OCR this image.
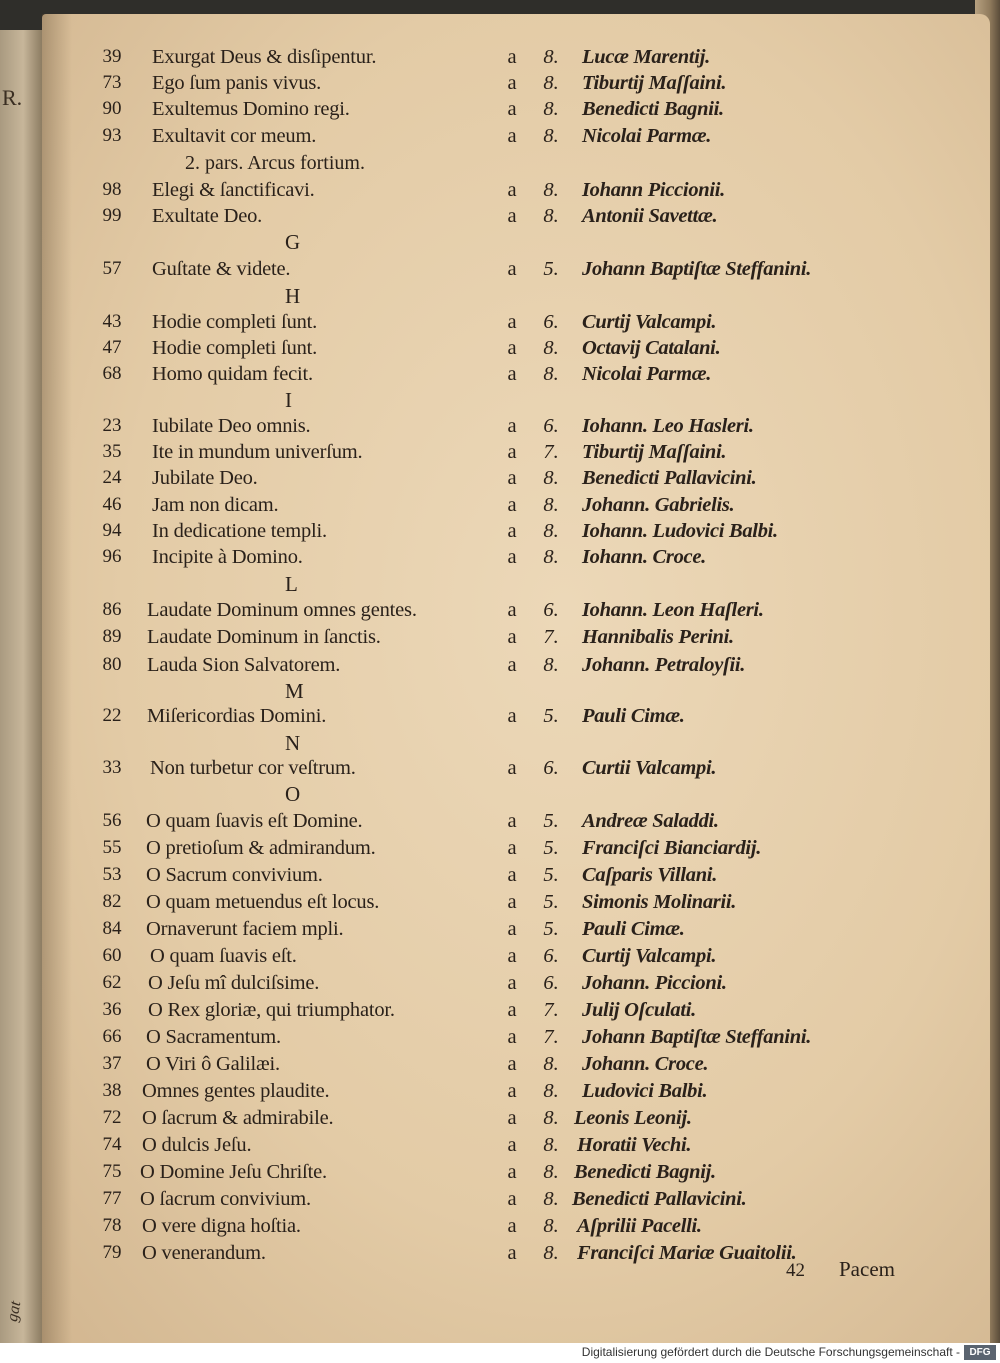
R.
gat
39	Exurgat Deus & disſipentur.	a	8.	Lucæ Marentij.
73	Ego ſum panis vivus.	a	8.	Tiburtij Maſſaini.
90	Exultemus Domino regi.	a	8.	Benedicti Bagnii.
93	Exultavit cor meum.	a	8.	Nicolai Parmæ.
2. pars. Arcus fortium.
98	Elegi & ſanctificavi.	a	8.	Iohann Piccionii.
99	Exultate Deo.	a	8.	Antonii Savettæ.
G
57	Guſtate & videte.	a	5.	Johann Baptiſtæ Steffanini.
H
43	Hodie completi ſunt.	a	6.	Curtij Valcampi.
47	Hodie completi ſunt.	a	8.	Octavij Catalani.
68	Homo quidam fecit.	a	8.	Nicolai Parmæ.
I
23	Iubilate Deo omnis.	a	6.	Iohann. Leo Hasleri.
35	Ite in mundum univerſum.	a	7.	Tiburtij Maſſaini.
24	Jubilate Deo.	a	8.	Benedicti Pallavicini.
46	Jam non dicam.	a	8.	Johann. Gabrielis.
94	In dedicatione templi.	a	8.	Iohann. Ludovici Balbi.
96	Incipite à Domino.	a	8.	Iohann. Croce.
L
86	Laudate Dominum omnes gentes.	a	6.	Iohann. Leon Haſleri.
89	Laudate Dominum in ſanctis.	a	7.	Hannibalis Perini.
80	Lauda Sion Salvatorem.	a	8.	Johann. Petraloyſii.
M
22	Miſericordias Domini.	a	5.	Pauli Cimæ.
N
33	Non turbetur cor veſtrum.	a	6.	Curtii Valcampi.
O
56	O quam ſuavis eſt Domine.	a	5.	Andreæ Saladdi.
55	O pretioſum & admirandum.	a	5.	Franciſci Bianciardij.
53	O Sacrum convivium.	a	5.	Caſparis Villani.
82	O quam metuendus eſt locus.	a	5.	Simonis Molinarii.
84	Ornaverunt faciem mpli.	a	5.	Pauli Cimæ.
60	O quam ſuavis eſt.	a	6.	Curtij Valcampi.
62	O Jeſu mî dulciſsime.	a	6.	Johann. Piccioni.
36	O Rex gloriæ, qui triumphator.	a	7.	Julij Oſculati.
66	O Sacramentum.	a	7.	Johann Baptiſtæ Steffanini.
37	O Viri ô Galilæi.	a	8.	Johann. Croce.
38	Omnes gentes plaudite.	a	8.	Ludovici Balbi.
72	O ſacrum & admirabile.	a	8. Leonis Leonij.
74	O dulcis Jeſu.	a	8. Horatii Vechi.
75 O Domine Jeſu Chriſte.	a	8. Benedicti Bagnij.
77 O ſacrum convivium.	a	8. Benedicti Pallavicini.
78	O vere digna hoſtia.	a	8. Aſprilii Pacelli.
79	O venerandum.	a	8. Franciſci Mariæ Guaitolii.
42 Pacem
Digitalisierung gefördert durch die Deutsche Forschungsgemeinschaft - DFG
